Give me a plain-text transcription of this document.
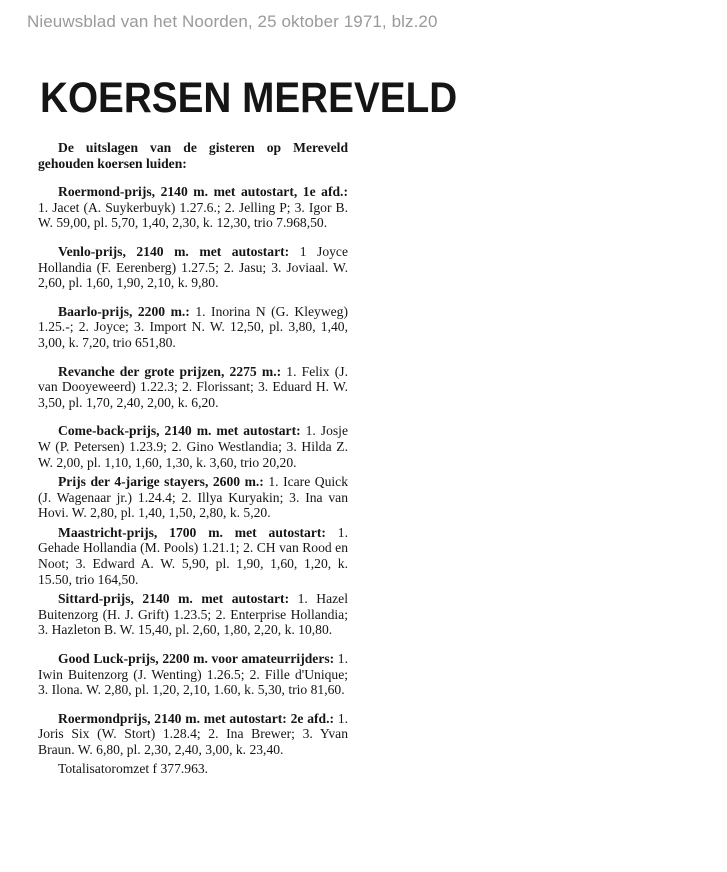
Nieuwsblad van het Noorden, 25 oktober 1971, blz.20
KOERSEN MEREVELD

De uitslagen van de gisteren op Mereveld gehouden koersen luiden:

Roermond-prijs, 2140 m. met autostart, 1e afd.: 1. Jacet (A. Suykerbuyk) 1.27.6.; 2. Jelling P; 3. Igor B. W. 59,00, pl. 5,70, 1,40, 2,30, k. 12,30, trio 7.968,50.

Venlo-prijs, 2140 m. met autostart: 1 Joyce Hollandia (F. Eerenberg) 1.27.5; 2. Jasu; 3. Joviaal. W. 2,60, pl. 1,60, 1,90, 2,10, k. 9,80.

Baarlo-prijs, 2200 m.: 1. Inorina N (G. Kleyweg) 1.25.-; 2. Joyce; 3. Import N. W. 12,50, pl. 3,80, 1,40, 3,00, k. 7,20, trio 651,80.

Revanche der grote prijzen, 2275 m.: 1. Felix (J. van Dooyeweerd) 1.22.3; 2. Florissant; 3. Eduard H. W. 3,50, pl. 1,70, 2,40, 2,00, k. 6,20.

Come-back-prijs, 2140 m. met autostart: 1. Josje W (P. Petersen) 1.23.9; 2. Gino Westlandia; 3. Hilda Z. W. 2,00, pl. 1,10, 1,60, 1,30, k. 3,60, trio 20,20.

Prijs der 4-jarige stayers, 2600 m.: 1. Icare Quick (J. Wagenaar jr.) 1.24.4; 2. Illya Kuryakin; 3. Ina van Hovi. W. 2,80, pl. 1,40, 1,50, 2,80, k. 5,20.

Maastricht-prijs, 1700 m. met autostart: 1. Gehade Hollandia (M. Pools) 1.21.1; 2. CH van Rood en Noot; 3. Edward A. W. 5,90, pl. 1,90, 1,60, 1,20, k. 15.50, trio 164,50.

Sittard-prijs, 2140 m. met autostart: 1. Hazel Buitenzorg (H. J. Grift) 1.23.5; 2. Enterprise Hollandia; 3. Hazleton B. W. 15,40, pl. 2,60, 1,80, 2,20, k. 10,80.

Good Luck-prijs, 2200 m. voor amateurrijders: 1. Iwin Buitenzorg (J. Wenting) 1.26.5; 2. Fille d'Unique; 3. Ilona. W. 2,80, pl. 1,20, 2,10, 1.60, k. 5,30, trio 81,60.

Roermondprijs, 2140 m. met autostart: 2e afd.: 1. Joris Six (W. Stort) 1.28.4; 2. Ina Brewer; 3. Yvan Braun. W. 6,80, pl. 2,30, 2,40, 3,00, k. 23,40.

Totalisatoromzet f 377.963.
